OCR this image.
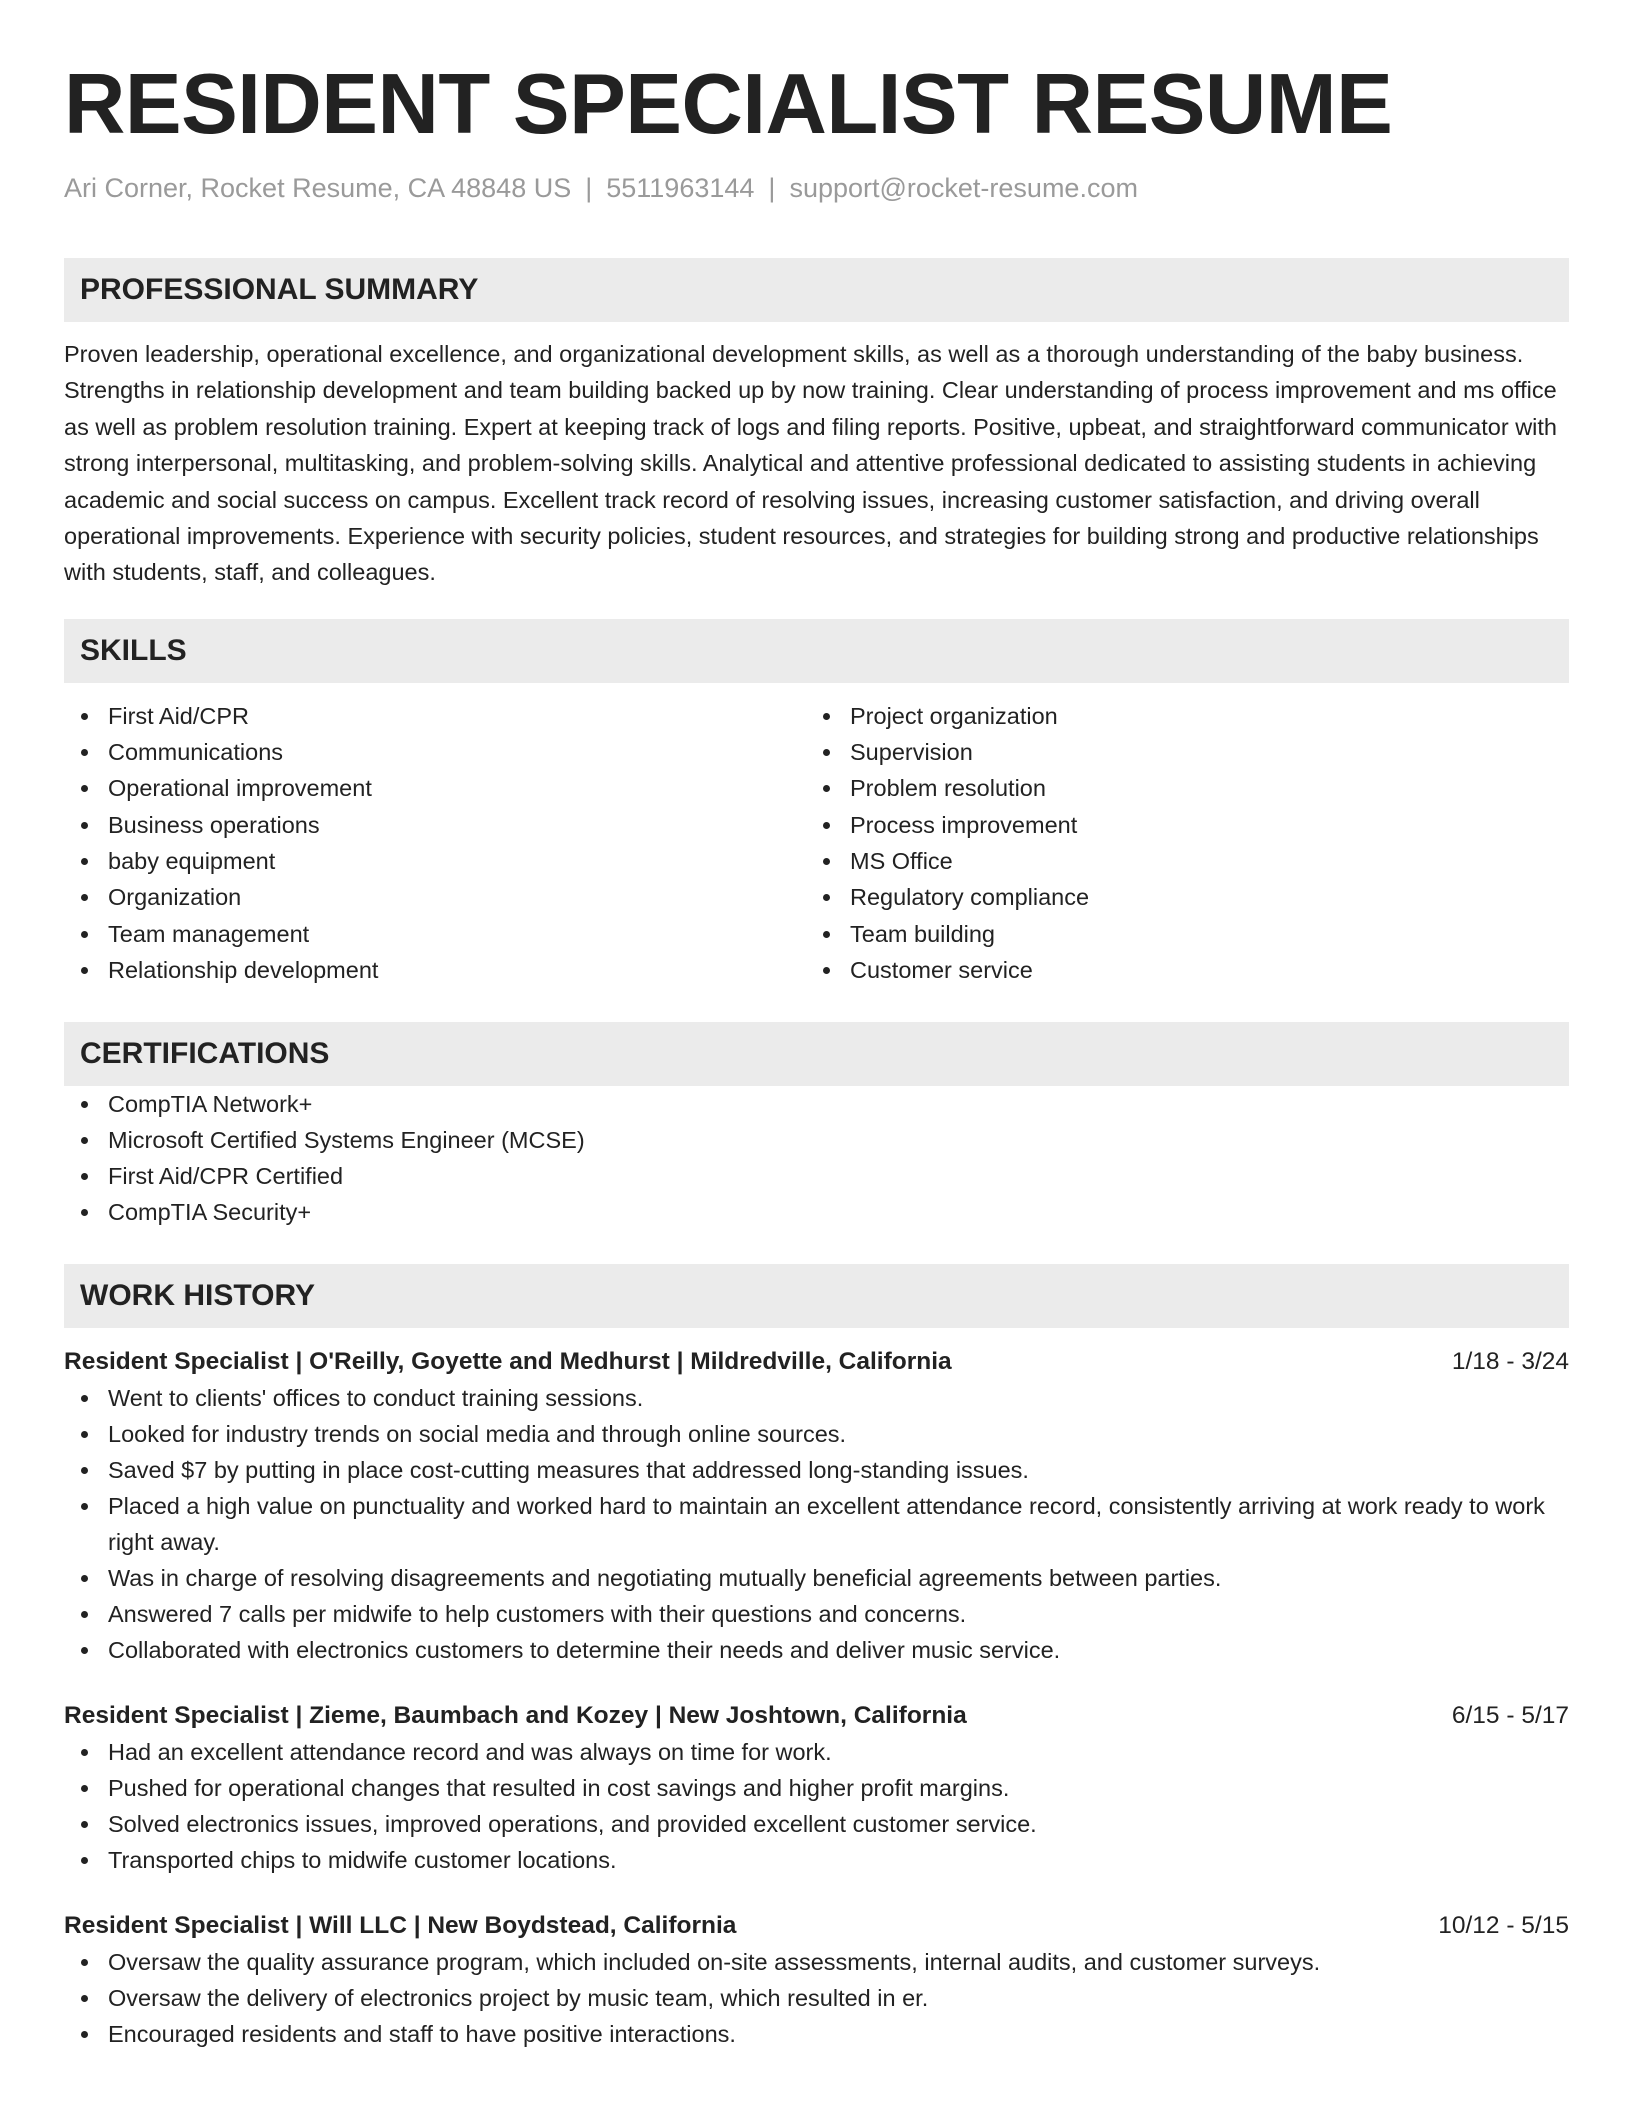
RESIDENT SPECIALIST RESUME
Ari Corner, Rocket Resume, CA 48848 US | 5511963144 | support@rocket-resume.com
PROFESSIONAL SUMMARY

Proven leadership, operational excellence, and organizational development skills, as well as a thorough understanding of the baby business. Strengths in relationship development and team building backed up by now training. Clear understanding of process improvement and ms office as well as problem resolution training. Expert at keeping track of logs and filing reports. Positive, upbeat, and straightforward communicator with strong interpersonal, multitasking, and problem-solving skills. Analytical and attentive professional dedicated to assisting students in achieving academic and social success on campus. Excellent track record of resolving issues, increasing customer satisfaction, and driving overall operational improvements. Experience with security policies, student resources, and strategies for building strong and productive relationships with students, staff, and colleagues.

SKILLS
First Aid/CPR
Communications
Operational improvement
Business operations
baby equipment
Organization
Team management
Relationship development
Project organization
Supervision
Problem resolution
Process improvement
MS Office
Regulatory compliance
Team building
Customer service
CERTIFICATIONS
CompTIA Network+
Microsoft Certified Systems Engineer (MCSE)
First Aid/CPR Certified
CompTIA Security+
WORK HISTORY
Resident Specialist | O'Reilly, Goyette and Medhurst | Mildredville, California	1/18 - 3/24
Went to clients' offices to conduct training sessions.
Looked for industry trends on social media and through online sources.
Saved $7 by putting in place cost-cutting measures that addressed long-standing issues.
Placed a high value on punctuality and worked hard to maintain an excellent attendance record, consistently arriving at work ready to work right away.
Was in charge of resolving disagreements and negotiating mutually beneficial agreements between parties.
Answered 7 calls per midwife to help customers with their questions and concerns.
Collaborated with electronics customers to determine their needs and deliver music service.
Resident Specialist | Zieme, Baumbach and Kozey | New Joshtown, California	6/15 - 5/17
Had an excellent attendance record and was always on time for work.
Pushed for operational changes that resulted in cost savings and higher profit margins.
Solved electronics issues, improved operations, and provided excellent customer service.
Transported chips to midwife customer locations.
Resident Specialist | Will LLC | New Boydstead, California	10/12 - 5/15
Oversaw the quality assurance program, which included on-site assessments, internal audits, and customer surveys.
Oversaw the delivery of electronics project by music team, which resulted in er.
Encouraged residents and staff to have positive interactions.
